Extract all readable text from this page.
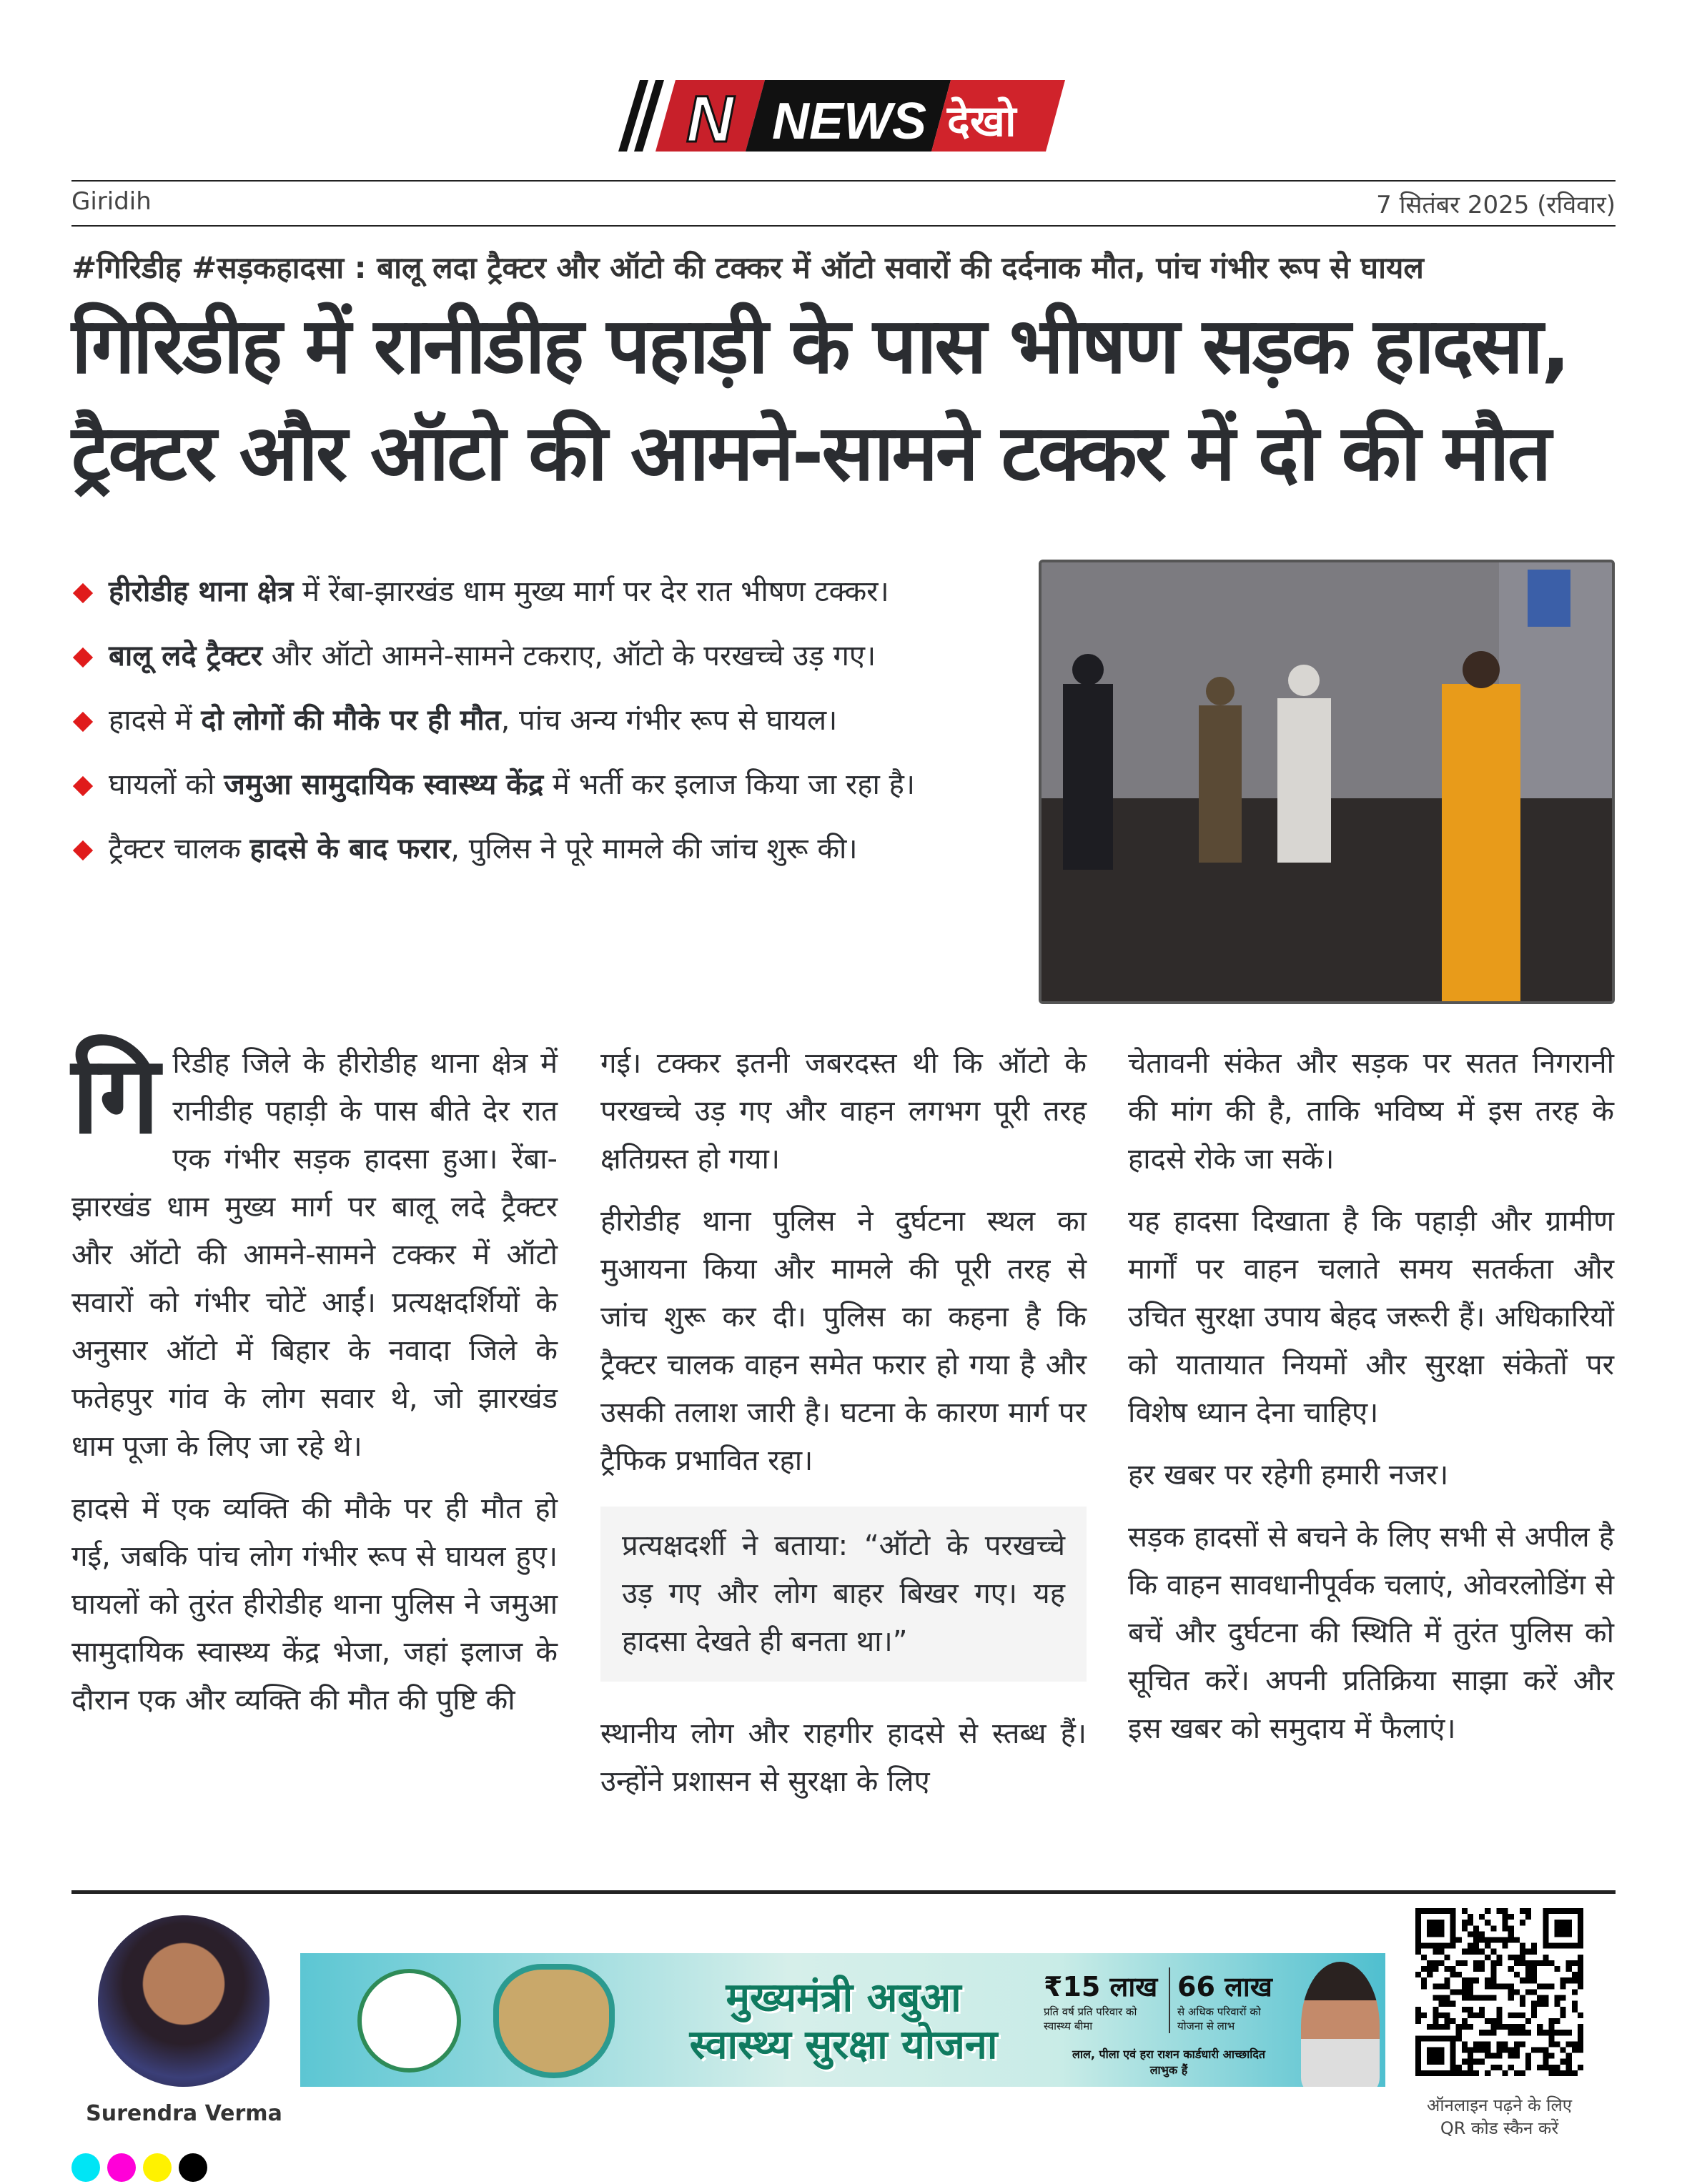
N NEWS देखो
Giridih	7 सितंबर 2025 (रविवार)
#गिरिडीह #सड़कहादसा : बालू लदा ट्रैक्टर और ऑटो की टक्कर में ऑटो सवारों की दर्दनाक मौत, पांच गंभीर रूप से घायल
गिरिडीह में रानीडीह पहाड़ी के पास भीषण सड़क हादसा, ट्रैक्टर और ऑटो की आमने-सामने टक्कर में दो की मौत
हीरोडीह थाना क्षेत्र में रेंबा-झारखंड धाम मुख्य मार्ग पर देर रात भीषण टक्कर।
बालू लदे ट्रैक्टर और ऑटो आमने-सामने टकराए, ऑटो के परखच्चे उड़ गए।
हादसे में दो लोगों की मौके पर ही मौत, पांच अन्य गंभीर रूप से घायल।
घायलों को जमुआ सामुदायिक स्वास्थ्य केंद्र में भर्ती कर इलाज किया जा रहा है।
ट्रैक्टर चालक हादसे के बाद फरार, पुलिस ने पूरे मामले की जांच शुरू की।

गिरिडीह जिले के हीरोडीह थाना क्षेत्र में रानीडीह पहाड़ी के पास बीते देर रात एक गंभीर सड़क हादसा हुआ। रेंबा-झारखंड धाम मुख्य मार्ग पर बालू लदे ट्रैक्टर और ऑटो की आमने-सामने टक्कर में ऑटो सवारों को गंभीर चोटें आईं। प्रत्यक्षदर्शियों के अनुसार ऑटो में बिहार के नवादा जिले के फतेहपुर गांव के लोग सवार थे, जो झारखंड धाम पूजा के लिए जा रहे थे।

हादसे में एक व्यक्ति की मौके पर ही मौत हो गई, जबकि पांच लोग गंभीर रूप से घायल हुए। घायलों को तुरंत हीरोडीह थाना पुलिस ने जमुआ सामुदायिक स्वास्थ्य केंद्र भेजा, जहां इलाज के दौरान एक और व्यक्ति की मौत की पुष्टि की

गई। टक्कर इतनी जबरदस्त थी कि ऑटो के परखच्चे उड़ गए और वाहन लगभग पूरी तरह क्षतिग्रस्त हो गया।

हीरोडीह थाना पुलिस ने दुर्घटना स्थल का मुआयना किया और मामले की पूरी तरह से जांच शुरू कर दी। पुलिस का कहना है कि ट्रैक्टर चालक वाहन समेत फरार हो गया है और उसकी तलाश जारी है। घटना के कारण मार्ग पर ट्रैफिक प्रभावित रहा।

प्रत्यक्षदर्शी ने बताया: “ऑटो के परखच्चे उड़ गए और लोग बाहर बिखर गए। यह हादसा देखते ही बनता था।”

स्थानीय लोग और राहगीर हादसे से स्तब्ध हैं। उन्होंने प्रशासन से सुरक्षा के लिए

चेतावनी संकेत और सड़क पर सतत निगरानी की मांग की है, ताकि भविष्य में इस तरह के हादसे रोके जा सकें।

यह हादसा दिखाता है कि पहाड़ी और ग्रामीण मार्गों पर वाहन चलाते समय सतर्कता और उचित सुरक्षा उपाय बेहद जरूरी हैं। अधिकारियों को यातायात नियमों और सुरक्षा संकेतों पर विशेष ध्यान देना चाहिए।

हर खबर पर रहेगी हमारी नजर।

सड़क हादसों से बचने के लिए सभी से अपील है कि वाहन सावधानीपूर्वक चलाएं, ओवरलोडिंग से बचें और दुर्घटना की स्थिति में तुरंत पुलिस को सूचित करें। अपनी प्रतिक्रिया साझा करें और इस खबर को समुदाय में फैलाएं।

Surendra Verma
मुख्यमंत्री अबुआ
स्वास्थ्य सुरक्षा योजना
₹15 लाख
प्रति वर्ष प्रति परिवार को स्वास्थ्य बीमा
66 लाख
से अधिक परिवारों को योजना से लाभ
लाल, पीला एवं हरा राशन कार्डधारी आच्छादित लाभुक हैं
ऑनलाइन पढ़ने के लिए
QR कोड स्कैन करें
